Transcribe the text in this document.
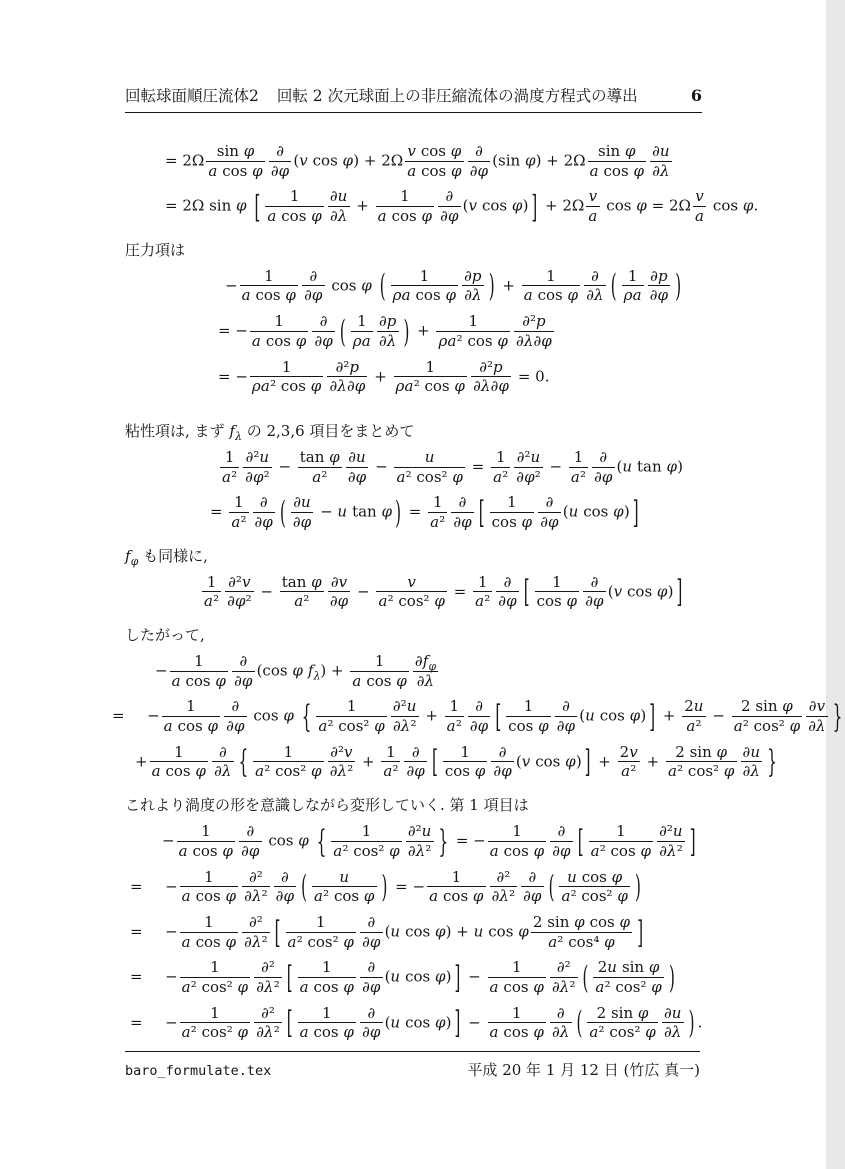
回転球面順圧流体2 回転 2 次元球面上の非圧縮流体の渦度方程式の導出	6
= $2\Omega \frac{\text{sin φ}}{\text{a cos φ}}$ ∂
∂φ
(v $\cos \varphi) + 2\Omega \frac{\text{v cos φ}}{\text{a cos φ}}$ ∂
∂φ
(sin $\varphi) + 2\Omega \frac{\text{sin φ}}{\text{a cos φ}} \frac{\partial u}{\partial\lambda}$
= 2Ω sin φ [ $\frac{1}{\text{a cos φ}} \frac{\partial u}{\partial\lambda} + \frac{1}{\text{a cos φ}}$ ∂
∂φ
(v cos φ) ] + $2\Omega \frac{v}{a}$ $\cos \varphi = 2\Omega \frac{v}{a}$ cos φ.

圧力項は

− $\frac{1}{\text{a cos φ}}$ ∂
∂φ
cos φ ( $\frac{1}{\text{ρa cos φ}} \frac{\partial p}{\partial\lambda}$ ) + $\frac{1}{\text{a cos φ}}$ ∂
∂λ ( $\frac{1}{\rho a} \frac{\partial p}{\partial\varphi}$ )
= − $\frac{1}{\text{a cos φ}}$ ∂
∂φ ( $\frac{1}{\rho a} \frac{\partial p}{\partial\lambda}$ ) + $\frac{1}{\text{ρa² cos φ}} \frac{\text{∂²p}}{\partial\lambda\partial\varphi}$
= − $\frac{1}{\text{ρa² cos φ}} \frac{\text{∂²p}}{\partial\lambda\partial\varphi} + \frac{1}{\text{ρa² cos φ}} \frac{\text{∂²p}}{\partial\lambda\partial\varphi} = 0$.

粘性項は, まず $f_\lambda$ の 2,3,6 項目をまとめて

$\frac{1}{\text{a²}} \frac{\text{∂²u}}{\text{∂φ²}} - \frac{\text{tan φ}}{\text{a²}} \frac{\partial u}{\partial\varphi} - \frac{u}{\text{a² cos² φ}} = \frac{1}{\text{a²}} \frac{\text{∂²u}}{\text{∂φ²}} - \frac{1}{\text{a²}}$ ∂
∂φ
(u tan φ)
= $\frac{1}{\text{a²}}$ ∂
∂φ ( $\frac{\partial u}{\partial\varphi} - u$ tan φ ) = $\frac{1}{\text{a²}}$ ∂
∂φ [ $\frac{1}{\text{cos φ}}$ ∂
∂φ
(u cos φ) ]

$f_\varphi$ も同様に,

$\frac{1}{\text{a²}} \frac{\text{∂²v}}{\text{∂φ²}} - \frac{\text{tan φ}}{\text{a²}} \frac{\partial v}{\partial\varphi} - \frac{v}{\text{a² cos² φ}} = \frac{1}{\text{a²}}$ ∂
∂φ [ $\frac{1}{\text{cos φ}}$ ∂
∂φ
(v cos φ) ]

したがって,

− $\frac{1}{\text{a cos φ}}$ ∂
∂φ
(cos φ $f_\lambda) + \frac{1}{\text{a cos φ}} \frac{\partial f_\varphi}{\partial\lambda}$
=  − $\frac{1}{\text{a cos φ}}$ ∂
∂φ
cos φ { $\frac{1}{\text{a² cos² φ}} \frac{\text{∂²u}}{\text{∂λ²}} + \frac{1}{\text{a²}}$ ∂
∂φ [ $\frac{1}{\text{cos φ}}$ ∂
∂φ
(u cos φ) ] + $\frac{2u}{\text{a²}} - \frac{\text{2 sin φ}}{\text{a² cos² φ}} \frac{\partial v}{\partial\lambda}$ }
+ $\frac{1}{\text{a cos φ}}$ ∂
∂λ { $\frac{1}{\text{a² cos² φ}} \frac{\text{∂²v}}{\text{∂λ²}} + \frac{1}{\text{a²}}$ ∂
∂φ [ $\frac{1}{\text{cos φ}}$ ∂
∂φ
(v cos φ) ] + $\frac{2v}{\text{a²}} + \frac{\text{2 sin φ}}{\text{a² cos² φ}} \frac{\partial u}{\partial\lambda}$ }

これより渦度の形を意識しながら変形していく. 第 1 項目は

− $\frac{1}{\text{a cos φ}}$ ∂
∂φ
cos φ { $\frac{1}{\text{a² cos² φ}} \frac{\text{∂²u}}{\text{∂λ²}}$ } = − $\frac{1}{\text{a cos φ}}$ ∂
∂φ [ $\frac{1}{\text{a² cos φ}} \frac{\text{∂²u}}{\text{∂λ²}}$ ]
=  − $\frac{1}{\text{a cos φ}} \partial^2$
∂λ²
∂
∂φ ( $\frac{u}{\text{a² cos φ}}$ ) = − $\frac{1}{\text{a cos φ}} \partial^2$
∂λ²
∂
∂φ ( $\frac{\text{u cos φ}}{\text{a² cos² φ}}$ )
=  − $\frac{1}{\text{a cos φ}} \partial^2$
∂λ² [ $\frac{1}{\text{a² cos² φ}}$ ∂
∂φ
(u cos φ) + u cos φ $\frac{\text{2 sin φ cos φ}}{\text{a² cos⁴ φ}}$ ]
=  − $\frac{1}{\text{a² cos² φ}} \partial^2$
∂λ² [ $\frac{1}{\text{a cos φ}}$ ∂
∂φ
(u cos φ) ] − $\frac{1}{\text{a cos φ}} \partial^2$
∂λ² ( $\frac{\text{2u sin φ}}{\text{a² cos² φ}}$ )
=  − $\frac{1}{\text{a² cos² φ}} \partial^2$
∂λ² [ $\frac{1}{\text{a cos φ}}$ ∂
∂φ
(u cos φ) ] − $\frac{1}{\text{a cos φ}}$ ∂
∂λ ( $\frac{\text{2 sin φ}}{\text{a² cos² φ}} \frac{\partial u}{\partial\lambda}$ ) .
baro_formulate.tex	平成 20 年 1 月 12 日 (竹広 真一)
